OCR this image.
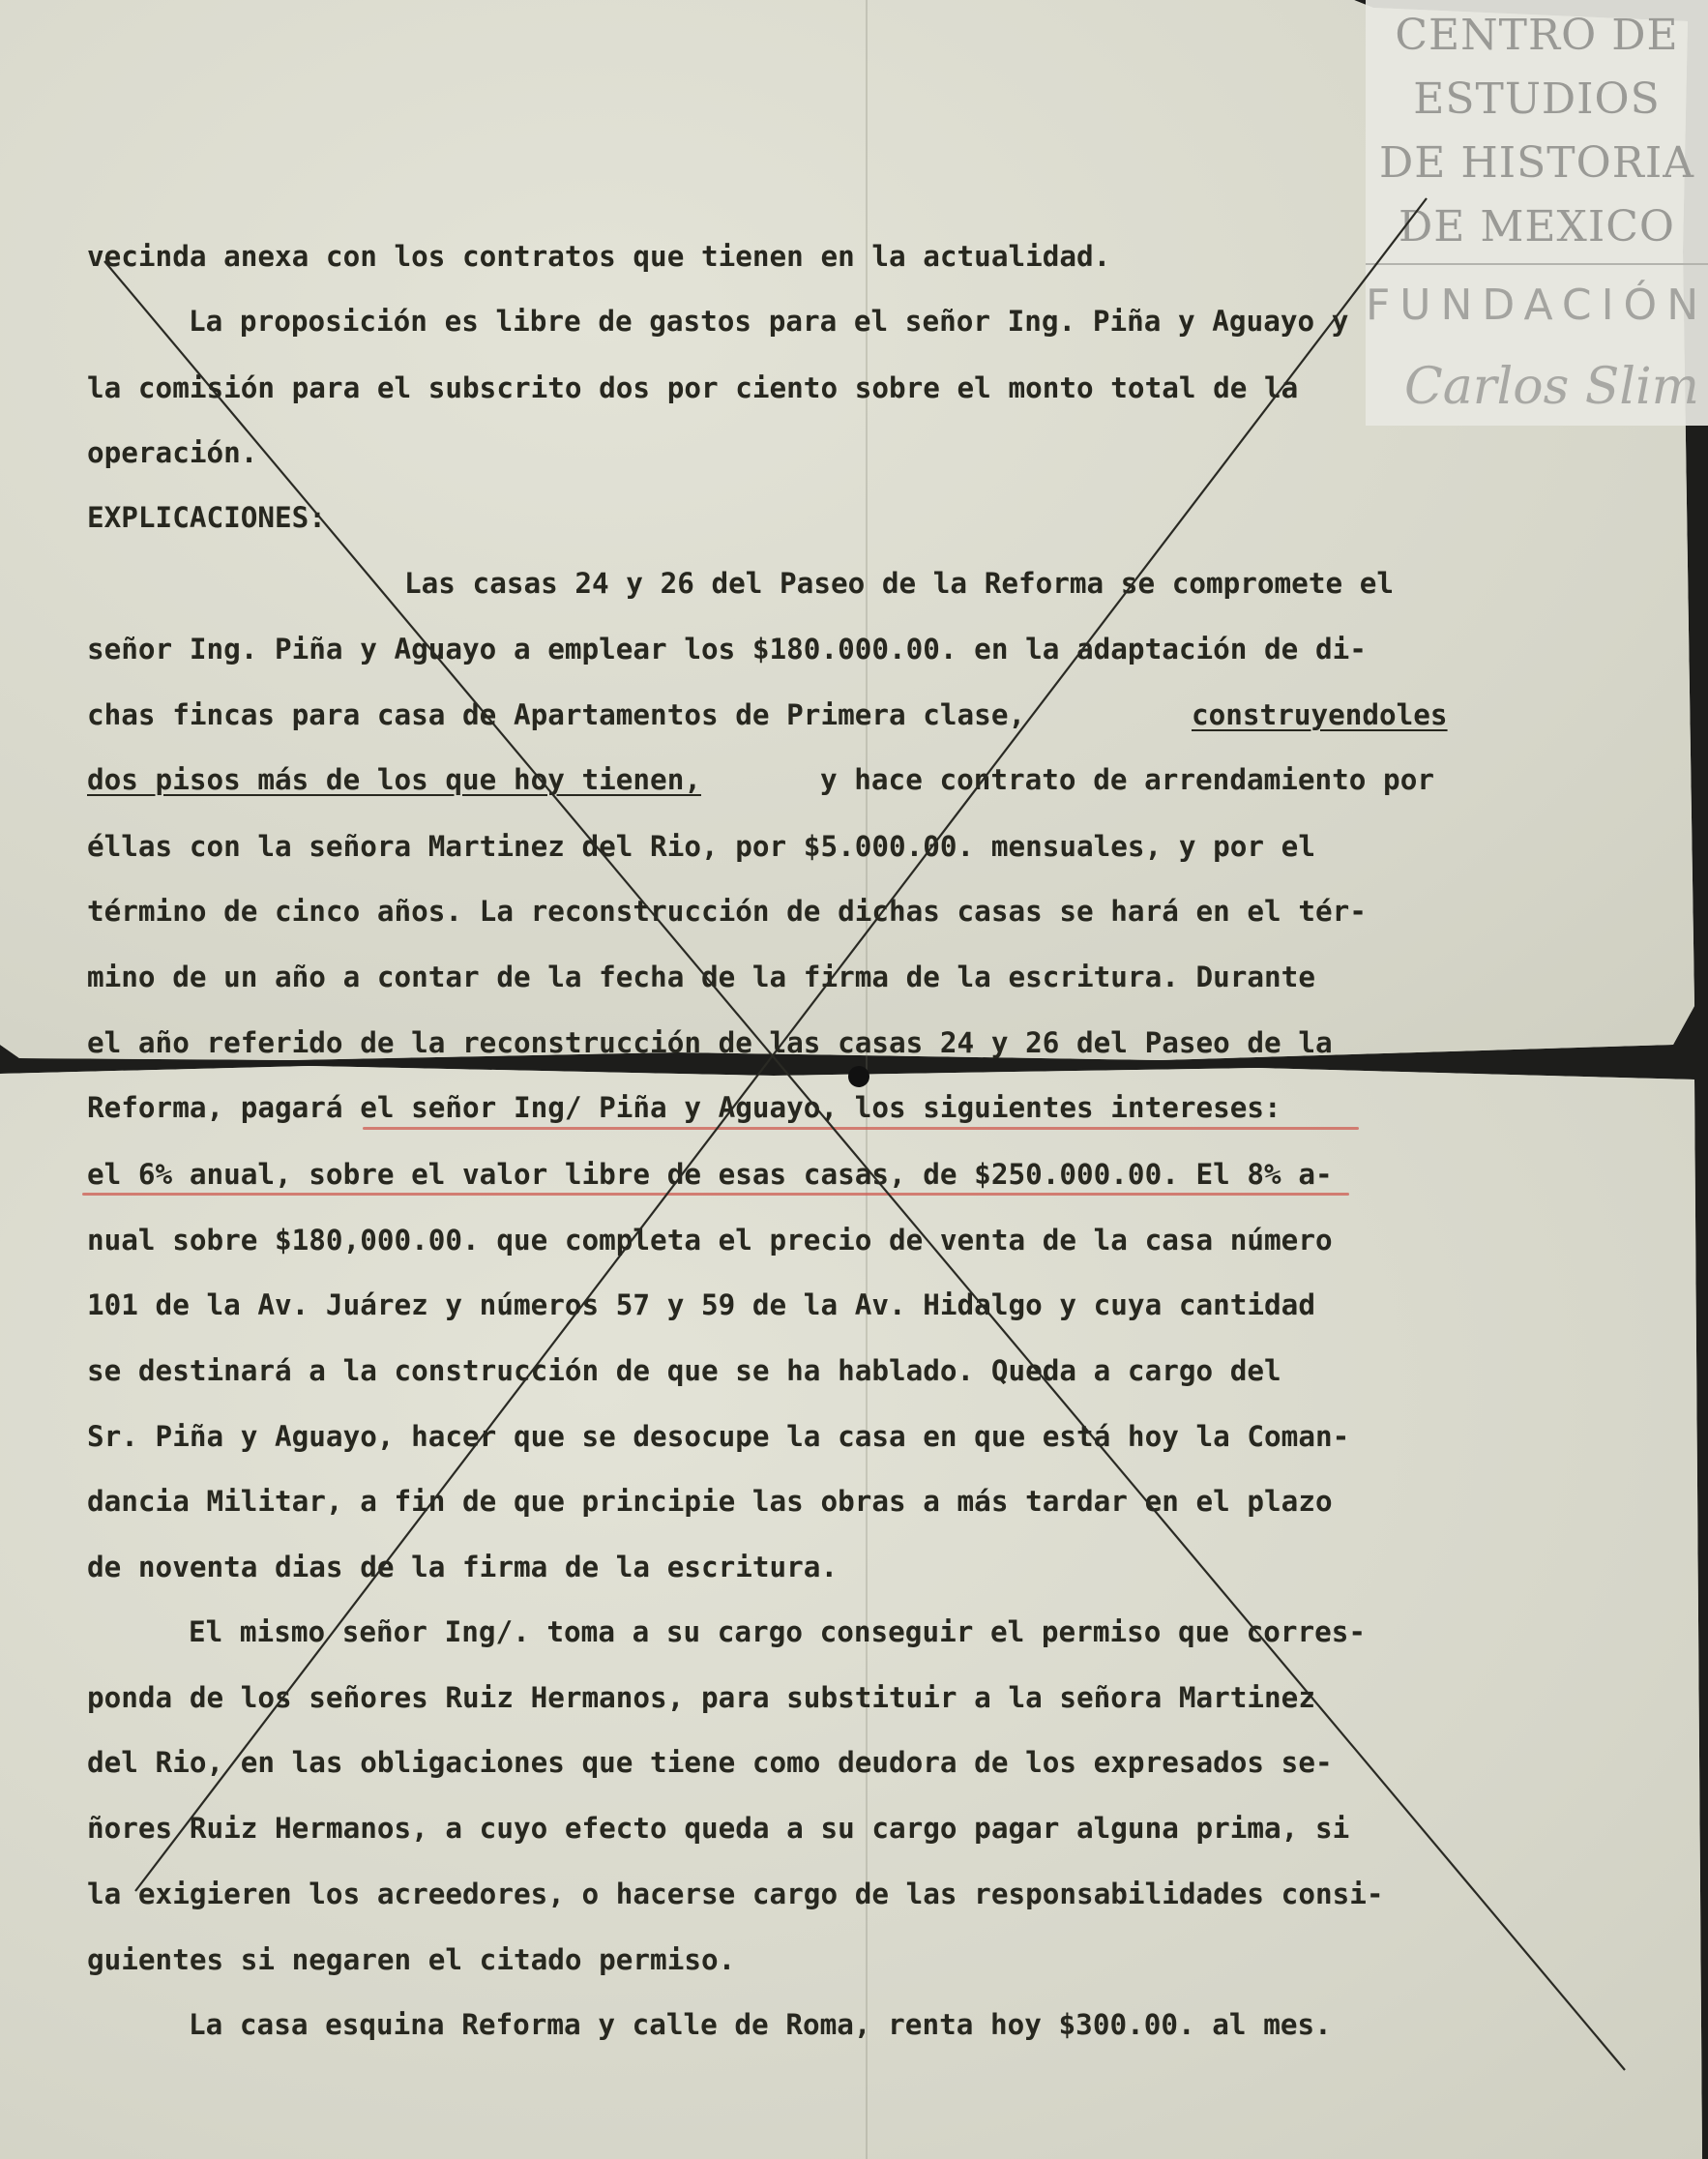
CENTRO DE
ESTUDIOS
DE HISTORIA
DE MEXICO
FUNDACIÓN
Carlos Slim

vecinda anexa con los contratos que tienen en la actualidad.

La proposición es libre de gastos para el señor Ing. Piña y Aguayo y

la comisión para el subscrito dos por ciento sobre el monto total de la

operación.

EXPLICACIONES:

Las casas 24 y 26 del Paseo de la Reforma se compromete el

señor Ing. Piña y Aguayo a emplear los $180.000.00. en la adaptación de di-

chas fincas para casa de Apartamentos de Primera clase,	construyendoles

dos pisos más de los que hoy tienen,	y hace contrato de arrendamiento por

éllas con la señora Martinez del Rio, por $5.000.00. mensuales, y por el

término de cinco años. La reconstrucción de dichas casas se hará en el tér-

mino de un año a contar de la fecha de la firma de la escritura. Durante

el año referido de la reconstrucción de las casas 24 y 26 del Paseo de la

Reforma, pagará el señor Ing/ Piña y Aguayo, los siguientes intereses:

el 6% anual, sobre el valor libre de esas casas, de $250.000.00. El 8% a-

nual sobre $180,000.00. que completa el precio de venta de la casa número

101 de la Av. Juárez y números 57 y 59 de la Av. Hidalgo y cuya cantidad

se destinará a la construcción de que se ha hablado. Queda a cargo del

Sr. Piña y Aguayo, hacer que se desocupe la casa en que está hoy la Coman-

dancia Militar, a fin de que principie las obras a más tardar en el plazo

de noventa dias de la firma de la escritura.

El mismo señor Ing/. toma a su cargo conseguir el permiso que corres-

ponda de los señores Ruiz Hermanos, para substituir a la señora Martinez

del Rio, en las obligaciones que tiene como deudora de los expresados se-

ñores Ruiz Hermanos, a cuyo efecto queda a su cargo pagar alguna prima, si

la exigieren los acreedores, o hacerse cargo de las responsabilidades consi-

guientes si negaren el citado permiso.

La casa esquina Reforma y calle de Roma, renta hoy $300.00. al mes.
